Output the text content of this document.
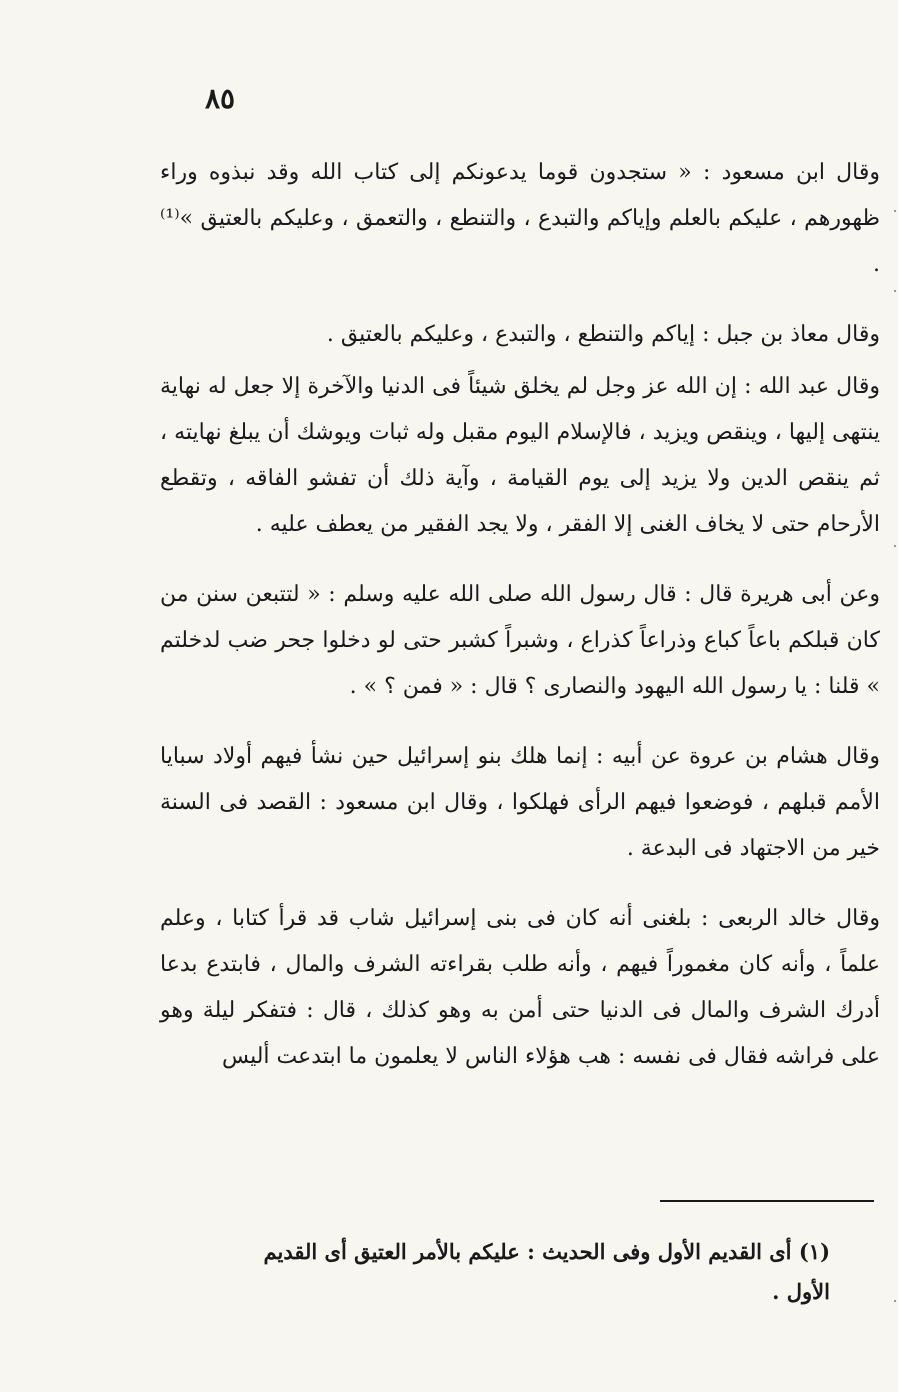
٨٥

وقال ابن مسعود : « ستجدون قوما يدعونكم إلى كتاب الله وقد نبذوه وراء ظهورهم ، عليكم بالعلم وإياكم والتبدع ، والتنطع ، والتعمق ، وعليكم بالعتيق »⁽¹⁾ .

وقال معاذ بن جبل : إياكم والتنطع ، والتبدع ، وعليكم بالعتيق .

وقال عبد الله : إن الله عز وجل لم يخلق شيئاً فى الدنيا والآخرة إلا جعل له نهاية ينتهى إليها ، وينقص ويزيد ، فالإسلام اليوم مقبل وله ثبات ويوشك أن يبلغ نهايته ، ثم ينقص الدين ولا يزيد إلى يوم القيامة ، وآية ذلك أن تفشو الفاقه ، وتقطع الأرحام حتى لا يخاف الغنى إلا الفقر ، ولا يجد الفقير من يعطف عليه .

وعن أبى هريرة قال : قال رسول الله صلى الله عليه وسلم : « لتتبعن سنن من كان قبلكم باعاً كباع وذراعاً كذراع ، وشبراً كشبر حتى لو دخلوا جحر ضب لدخلتم » قلنا : يا رسول الله اليهود والنصارى ؟ قال : « فمن ؟ » .

وقال هشام بن عروة عن أبيه : إنما هلك بنو إسرائيل حين نشأ فيهم أولاد سبايا الأمم قبلهم ، فوضعوا فيهم الرأى فهلكوا ، وقال ابن مسعود : القصد فى السنة خير من الاجتهاد فى البدعة .

وقال خالد الربعى : بلغنى أنه كان فى بنى إسرائيل شاب قد قرأ كتابا ، وعلم علماً ، وأنه كان مغموراً فيهم ، وأنه طلب بقراءته الشرف والمال ، فابتدع بدعا أدرك الشرف والمال فى الدنيا حتى أمن به وهو كذلك ، قال : فتفكر ليلة وهو على فراشه فقال فى نفسه : هب هؤلاء الناس لا يعلمون ما ابتدعت أليس

(١) أى القديم الأول وفى الحديث : عليكم بالأمر العتيق أى القديم الأول .
